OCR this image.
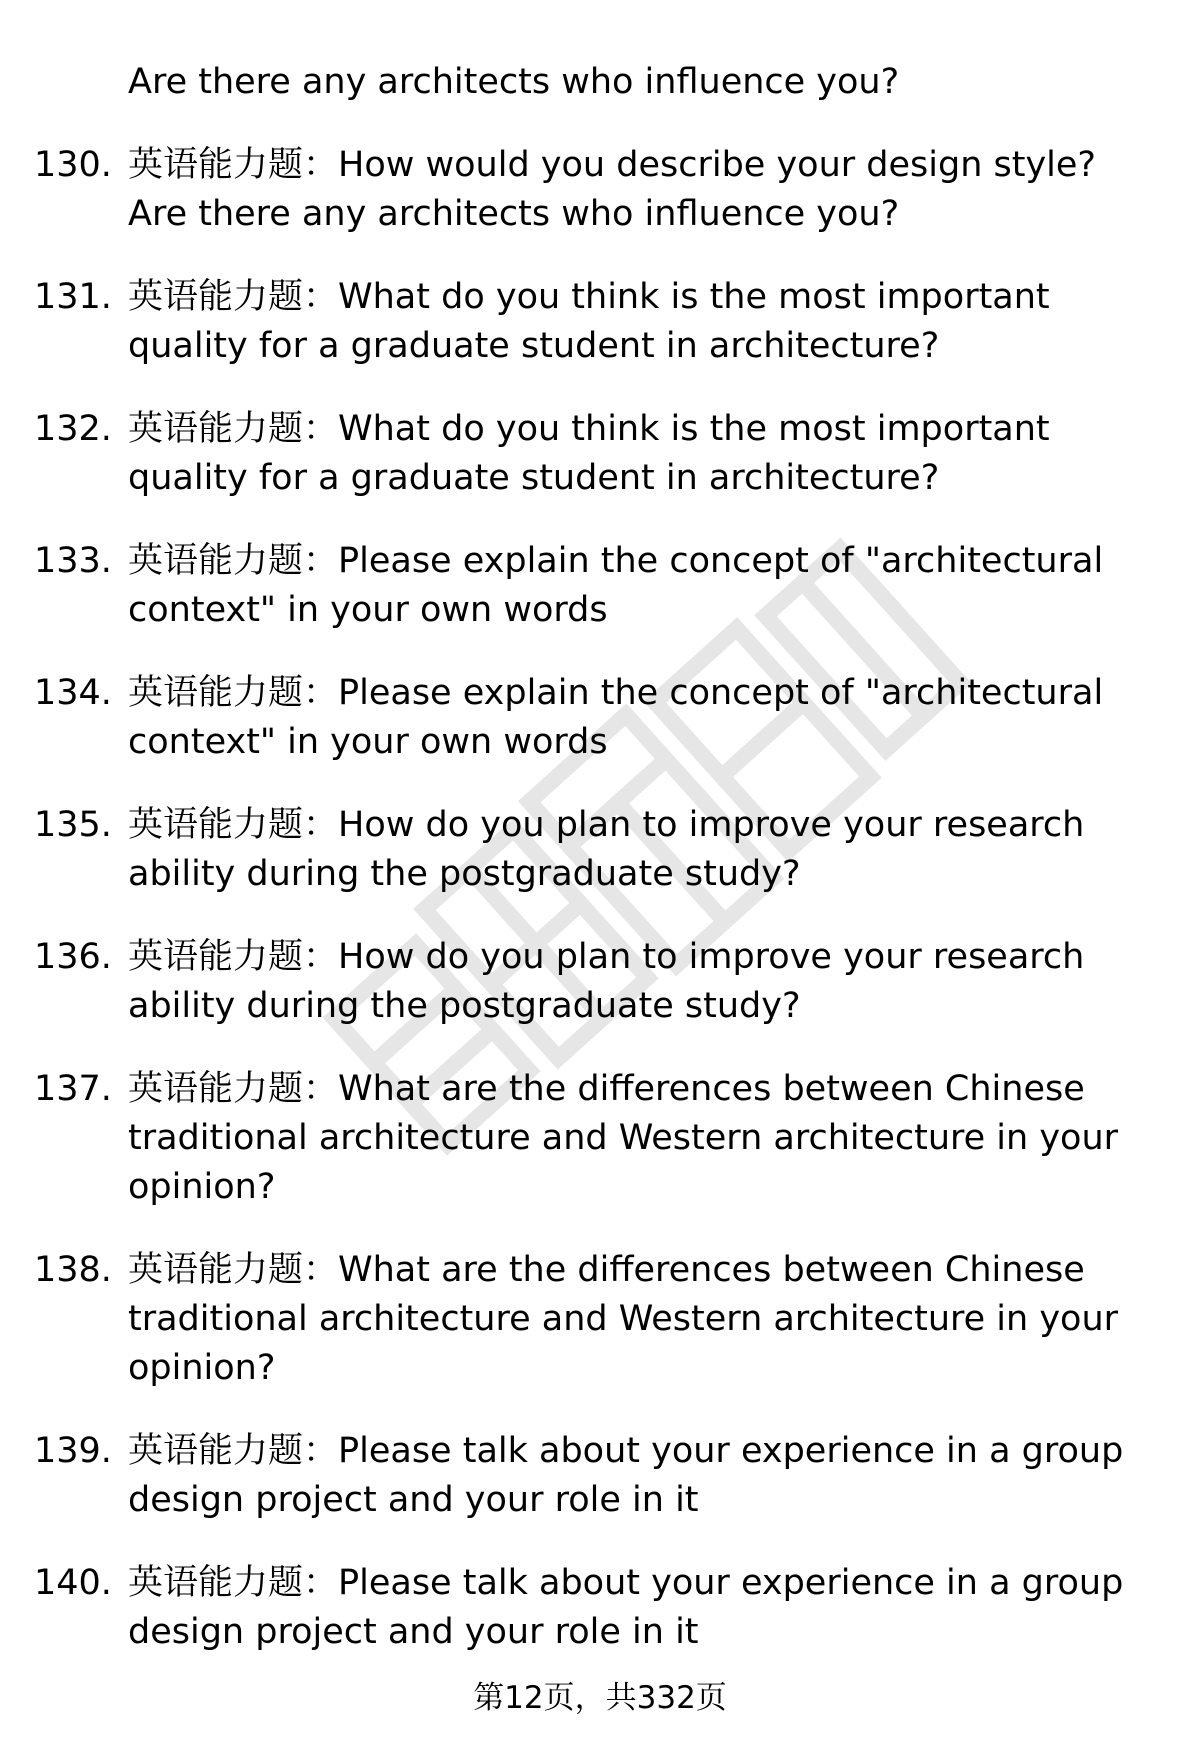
Are there any architects who influence you?
130. 英语能力题：How would you describe your design style? Are there any architects who influence you?
131. 英语能力题：What do you think is the most important quality for a graduate student in architecture?
132. 英语能力题：What do you think is the most important quality for a graduate student in architecture?
133. 英语能力题：Please explain the concept of "architectural context" in your own words
134. 英语能力题：Please explain the concept of "architectural context" in your own words
135. 英语能力题：How do you plan to improve your research ability during the postgraduate study?
136. 英语能力题：How do you plan to improve your research ability during the postgraduate study?
137. 英语能力题：What are the differences between Chinese traditional architecture and Western architecture in your opinion?
138. 英语能力题：What are the differences between Chinese traditional architecture and Western architecture in your opinion?
139. 英语能力题：Please talk about your experience in a group design project and your role in it
140. 英语能力题：Please talk about your experience in a group design project and your role in it
第12页，共332页
